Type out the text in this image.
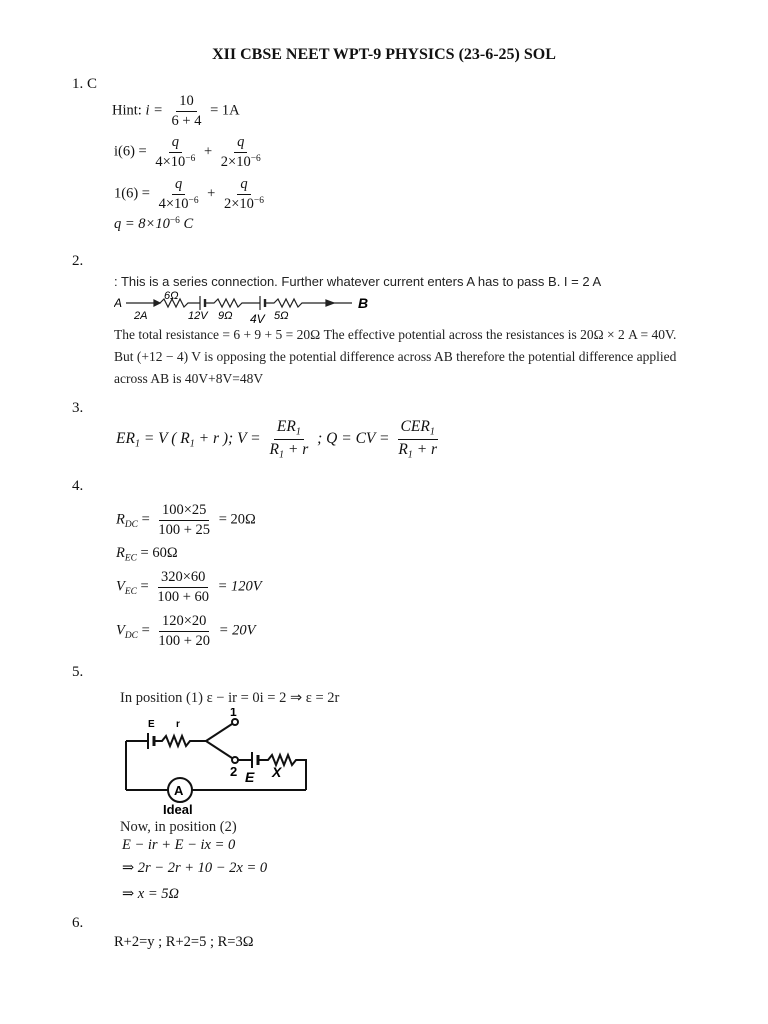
XII CBSE NEET WPT-9 PHYSICS (23-6-25) SOL
1. C
Hint: $i = \frac{10}{6 + 4} = 1A$
$i(6) = \frac{q}{4\times 10^{-6}} + \frac{q}{2\times 10^{-6}}$
$1(6) = \frac{q}{4\times 10^{-6}} + \frac{q}{2\times 10^{-6}}$
$q = 8\times 10^{-6}$ C
2.
: This is a series connection. Further whatever current enters A has to pass B. I = 2 A
A	B
2A
6Ω
12V 9Ω 4V 5Ω
The total resistance = 6 + 9 + 5 = 20Ω The effective potential across the resistances is 20Ω × 2 A = 40V.
But (+12 − 4) V is opposing the potential difference across AB therefore the potential difference applied
across AB is 40V+8V=48V
3.
$ER_1 = V$ ( $R_1 + r$ ); $V = \frac{ER_1}{R_1 + r}$ ; Q = CV = $\frac{CER_1}{R_1 + r}$
4.
$R_{DC} = \frac{100\times 25}{100 + 25} = 20\Omega$
$R_{EC} = 60\Omega$
$V_{EC} = \frac{320\times 60}{100 + 60} = 120V$
$V_{DC} = \frac{120\times 20}{100 + 20} = 20V$
5.
In position (1) ε − ir = 0i = 2 ⇒ ε = 2r
E r
1
2 E X
A
Ideal
Now, in position (2)
E − ir + E − ix = 0
⇒ 2r − 2r + 10 − 2x = 0
⇒ x = 5Ω
6.
R+2=y ; R+2=5 ; R=3Ω
